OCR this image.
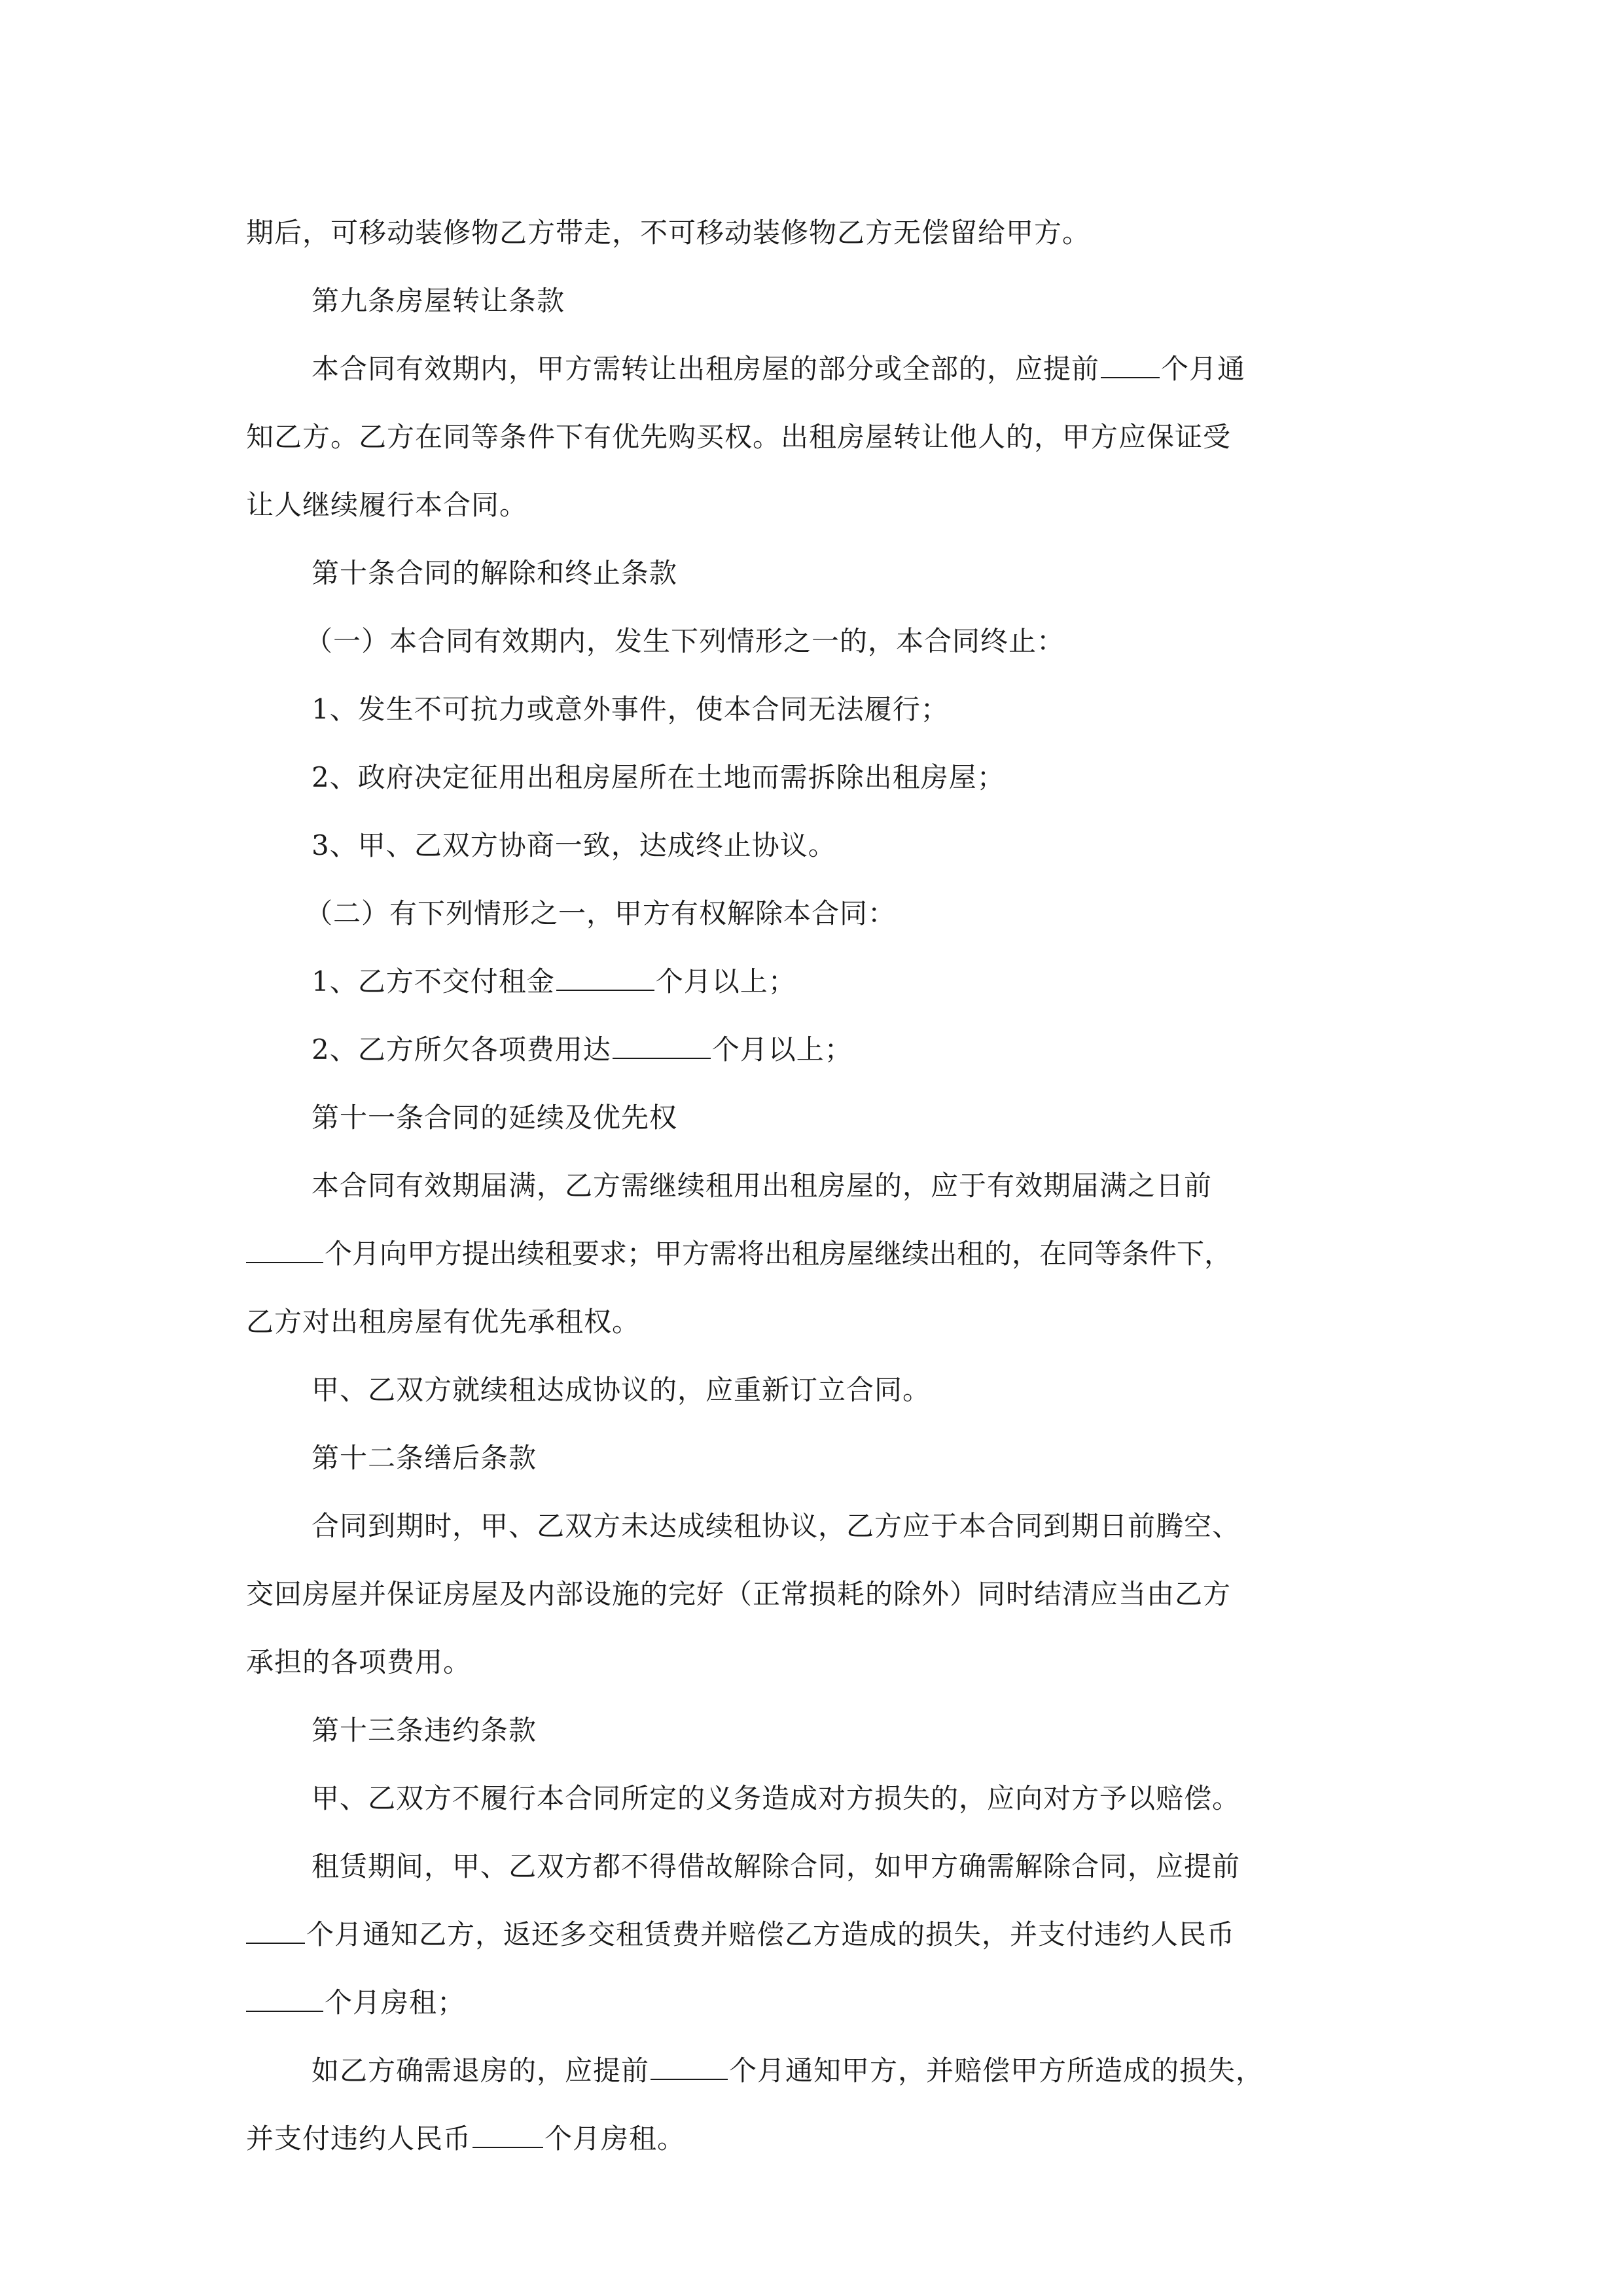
期后，可移动装修物乙方带走，不可移动装修物乙方无偿留给甲方。
第九条房屋转让条款
本合同有效期内，甲方需转让出租房屋的部分或全部的，应提前 个月通
知乙方。乙方在同等条件下有优先购买权。出租房屋转让他人的，甲方应保证受
让人继续履行本合同。
第十条合同的解除和终止条款
（一）本合同有效期内，发生下列情形之一的，本合同终止：
1、发生不可抗力或意外事件，使本合同无法履行；
2、政府决定征用出租房屋所在土地而需拆除出租房屋；
3、甲、乙双方协商一致，达成终止协议。
（二）有下列情形之一，甲方有权解除本合同：
1、乙方不交付租金	个月以上；
2、乙方所欠各项费用达	个月以上；
第十一条合同的延续及优先权
本合同有效期届满，乙方需继续租用出租房屋的，应于有效期届满之日前
个月向甲方提出续租要求；甲方需将出租房屋继续出租的，在同等条件下，
乙方对出租房屋有优先承租权。
甲、乙双方就续租达成协议的，应重新订立合同。
第十二条缮后条款
合同到期时，甲、乙双方未达成续租协议，乙方应于本合同到期日前腾空、
交回房屋并保证房屋及内部设施的完好（正常损耗的除外）同时结清应当由乙方
承担的各项费用。
第十三条违约条款
甲、乙双方不履行本合同所定的义务造成对方损失的，应向对方予以赔偿。
租赁期间，甲、乙双方都不得借故解除合同，如甲方确需解除合同，应提前
个月通知乙方，返还多交租赁费并赔偿乙方造成的损失，并支付违约人民币
个月房租；
如乙方确需退房的，应提前	个月通知甲方，并赔偿甲方所造成的损失，
并支付违约人民币	个月房租。
